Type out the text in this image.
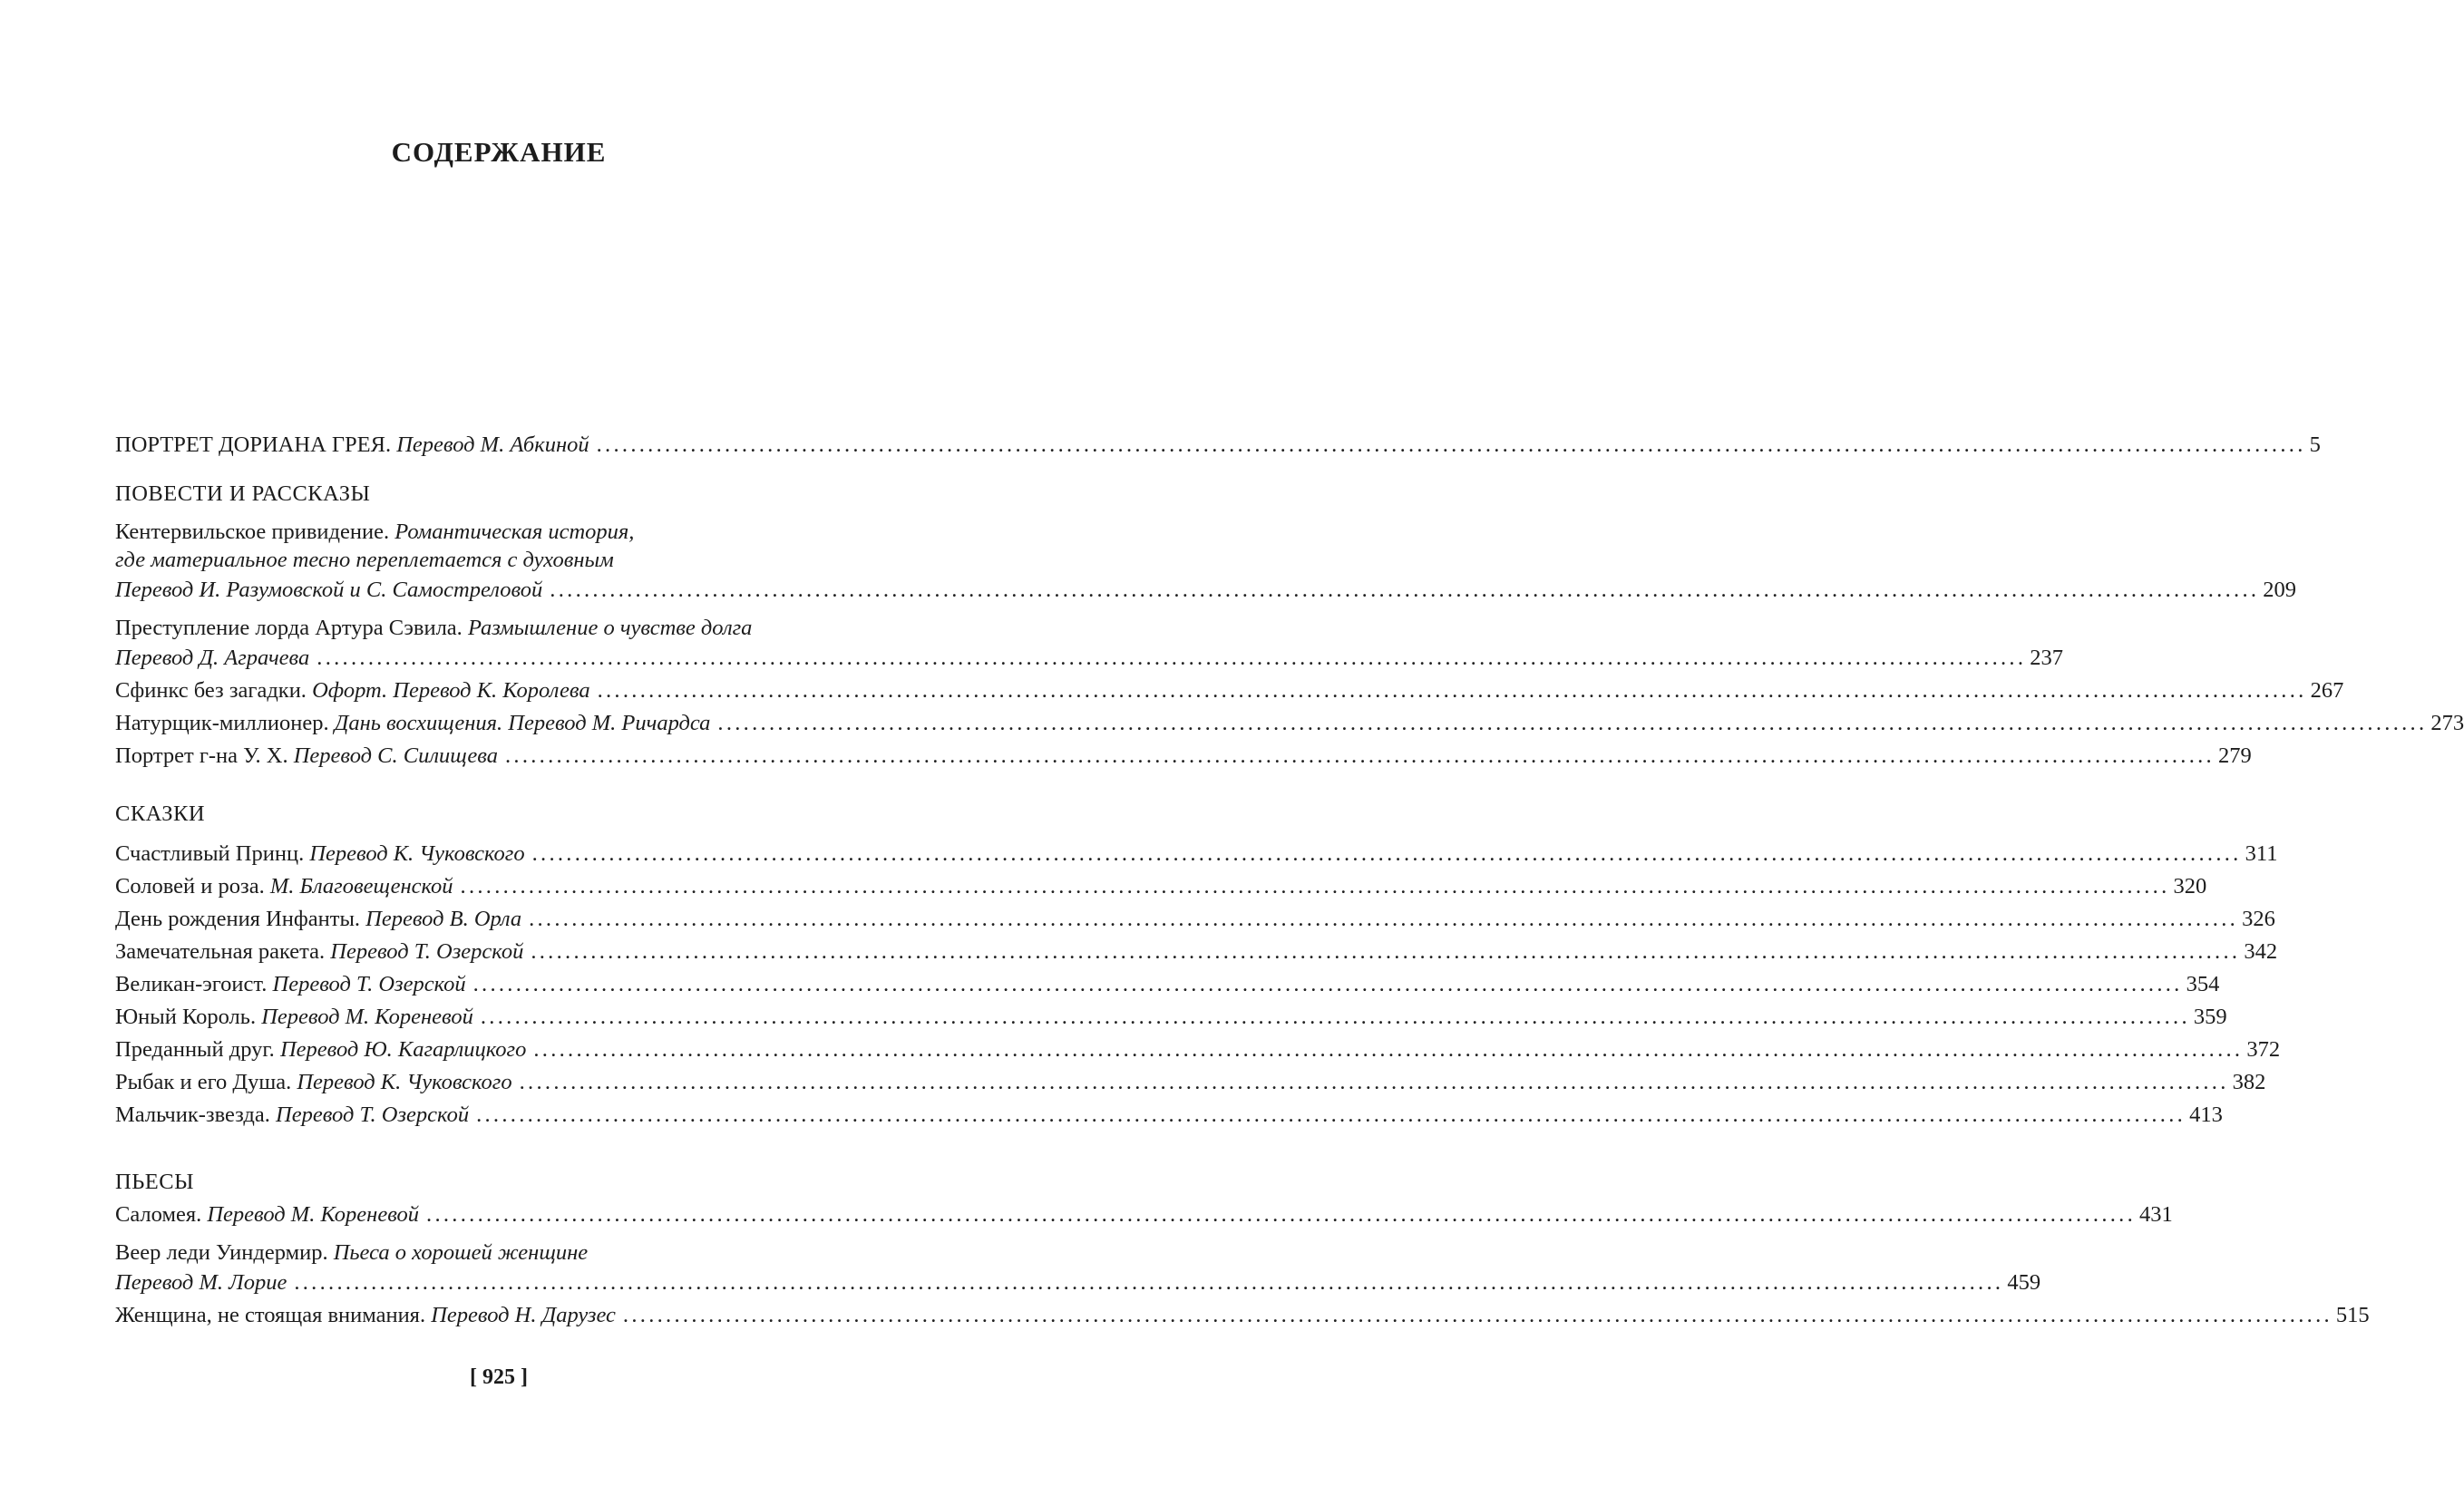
СОДЕРЖАНИЕ
ПОРТРЕТ ДОРИАНА ГРЕЯ. Перевод М. Абкиной ........................................................................................................................................................................................................ 5
ПОВЕСТИ И РАССКАЗЫ
Кентервильское привидение. Романтическая история,
где материальное тесно переплетается с духовным
Перевод И. Разумовской и С. Самостреловой ........................................................................................................................................................................................................ 209
Преступление лорда Артура Сэвила. Размышление о чувстве долга
Перевод Д. Аграчева ........................................................................................................................................................................................................ 237
Сфинкс без загадки. Офорт. Перевод К. Королева ........................................................................................................................................................................................................ 267
Натурщик-миллионер. Дань восхищения. Перевод М. Ричардса ........................................................................................................................................................................................................ 273
Портрет г-на У. Х. Перевод С. Силищева ........................................................................................................................................................................................................ 279
СКАЗКИ
Счастливый Принц. Перевод К. Чуковского ........................................................................................................................................................................................................ 311
Соловей и роза. М. Благовещенской ........................................................................................................................................................................................................ 320
День рождения Инфанты. Перевод В. Орла ........................................................................................................................................................................................................ 326
Замечательная ракета. Перевод Т. Озерской ........................................................................................................................................................................................................ 342
Великан-эгоист. Перевод Т. Озерской ........................................................................................................................................................................................................ 354
Юный Король. Перевод М. Кореневой ........................................................................................................................................................................................................ 359
Преданный друг. Перевод Ю. Кагарлицкого ........................................................................................................................................................................................................ 372
Рыбак и его Душа. Перевод К. Чуковского ........................................................................................................................................................................................................ 382
Мальчик-звезда. Перевод Т. Озерской ........................................................................................................................................................................................................ 413
ПЬЕСЫ
Саломея. Перевод М. Кореневой ........................................................................................................................................................................................................ 431
Веер леди Уиндермир. Пьеса о хорошей женщине
Перевод М. Лорие ........................................................................................................................................................................................................ 459
Женщина, не стоящая внимания. Перевод Н. Дарузес ........................................................................................................................................................................................................ 515
[ 925 ]
